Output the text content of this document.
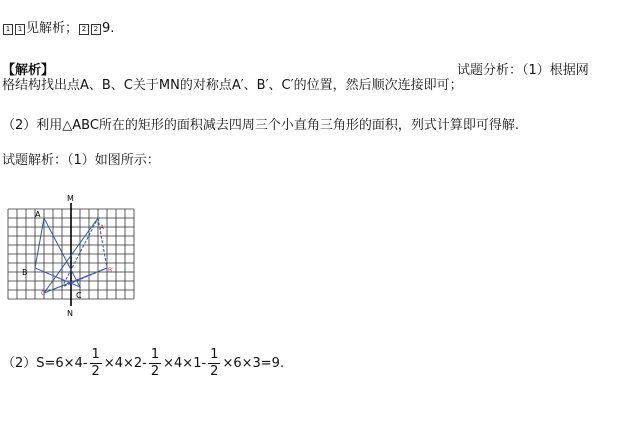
1 1 见解析； 2 2 9.
【解析】	试题分析：（1）根据网
格结构找出点A、B、C关于MN的对称点A′、B′、C′的位置，然后顺次连接即可；
（2）利用△ABC所在的矩形的面积减去四周三个小直角三角形的面积，列式计算即可得解.
试题解析：（1）如图所示：
M
N
A
B
C
A′
B′
C′
$(2)S=6\times 4- \frac{1}{2} \times 4\times 2- \frac{1}{2} \times 4\times 1- \frac{1}{2} \times 6\times 3=9$.
